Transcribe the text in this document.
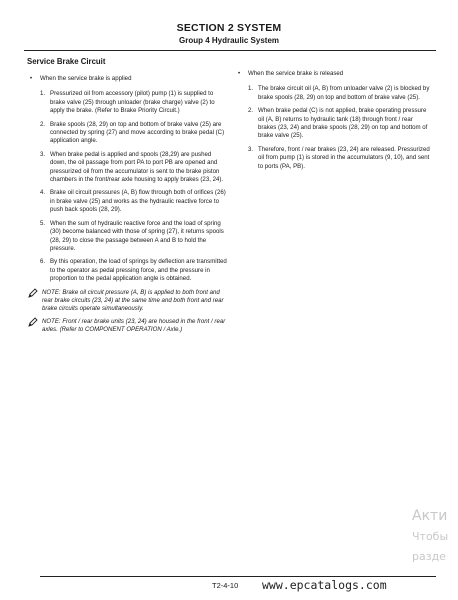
SECTION 2 SYSTEM
Group 4 Hydraulic System
Service Brake Circuit
• When the service brake is applied
1. Pressurized oil from accessory (pilot) pump (1) is supplied to brake valve (25) through unloader (brake charge) valve (2) to apply the brake. (Refer to Brake Priority Circuit.)
2. Brake spools (28, 29) on top and bottom of brake valve (25) are connected by spring (27) and move according to brake pedal (C) application angle.
3. When brake pedal is applied and spools (28,29) are pushed down, the oil passage from port PA to port PB are opened and pressurized oil from the accumulator is sent to the brake piston chambers in the front/rear axle housing to apply brakes (23, 24).
4. Brake oil circuit pressures (A, B) flow through both of orifices (26) in brake valve (25) and works as the hydraulic reactive force to push back spools (28, 29).
5. When the sum of hydraulic reactive force and the load of spring (30) become balanced with those of spring (27), it returns spools (28, 29) to close the passage between A and B to hold the pressure.
6. By this operation, the load of springs by deflection are transmitted to the operator as pedal pressing force, and the pressure in proportion to the pedal application angle is obtained.
NOTE: Brake oil circuit pressure (A, B) is applied to both front and rear brake circuits (23, 24) at the same time and both front and rear brake circuits operate simultaneously.
NOTE: Front / rear brake units (23, 24) are housed in the front / rear axles. (Refer to COMPONENT OPERATION / Axle.)
• When the service brake is released
1. The brake circuit oil (A, B) from unloader valve (2) is blocked by brake spools (28, 29) on top and bottom of brake valve (25).
2. When brake pedal (C) is not applied, brake operating pressure oil (A, B) returns to hydraulic tank (18) through front / rear brakes (23, 24) and brake spools (28, 29) on top and bottom of brake valve (25).
3. Therefore, front / rear brakes (23, 24) are released. Pressurized oil from pump (1) is stored in the accumulators (9, 10), and sent to ports (PA, PB).
Акти
Чтобы
разде
T2-4-10 www.epcatalogs.com
